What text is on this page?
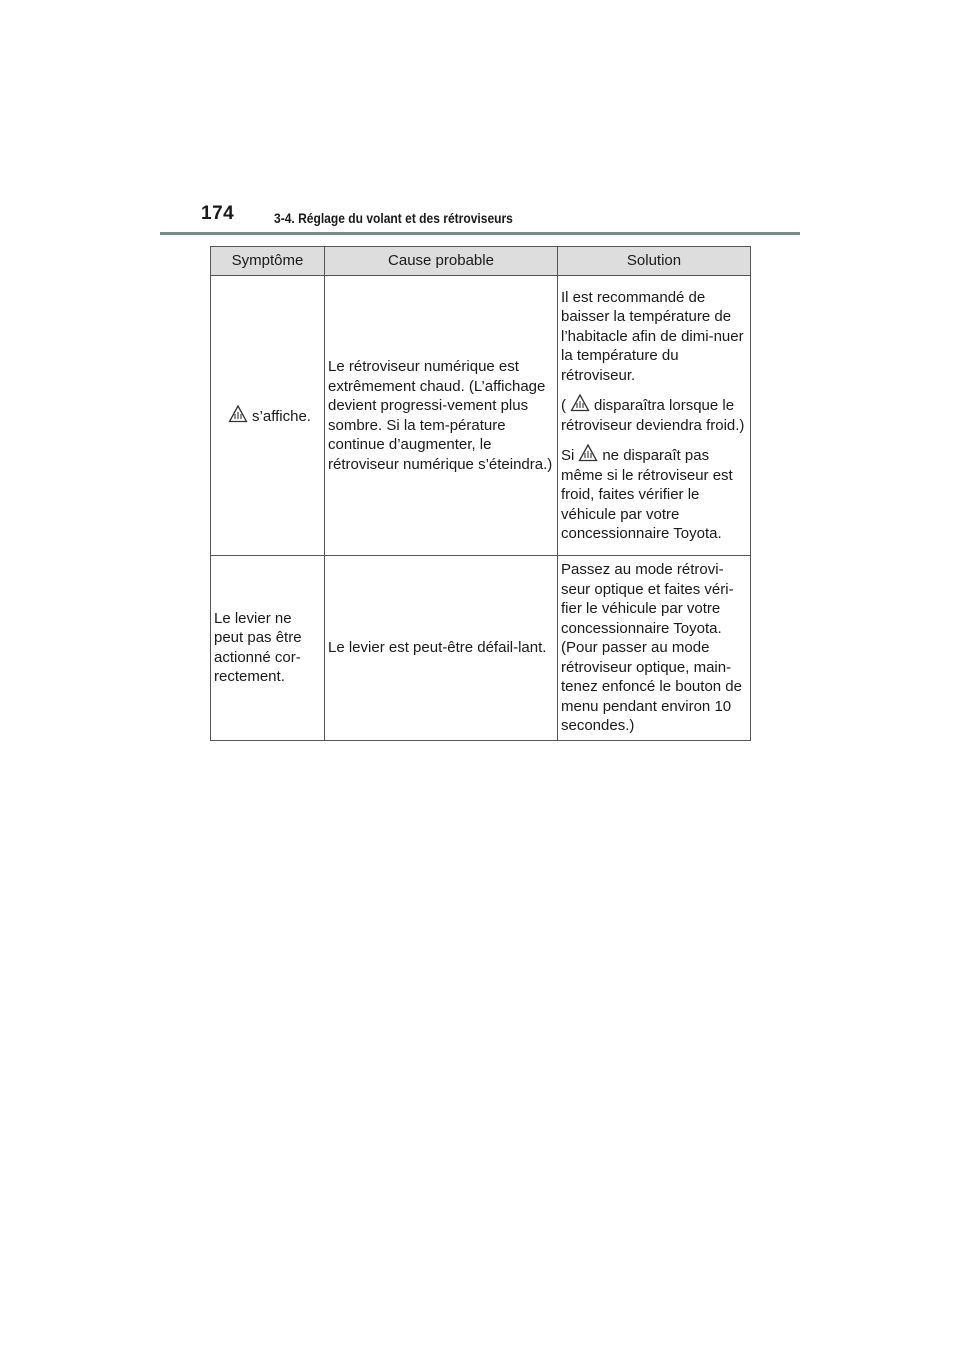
174	3-4. Réglage du volant et des rétroviseurs
Symptôme	Cause probable	Solution
s’affiche.	Le rétroviseur numérique est extrêmement chaud. (L’affichage devient progressi-vement plus sombre. Si la tem-pérature continue d’augmenter, le rétroviseur numérique s’éteindra.)	Il est recommandé de baisser la température de l’habitacle afin de dimi-nuer la température du rétroviseur.

( disparaîtra lorsque le rétroviseur deviendra froid.)

Si ne disparaît pas même si le rétroviseur est froid, faites vérifier le véhicule par votre concessionnaire Toyota.

Le levier ne peut pas être actionné cor-rectement.	Le levier est peut-être défail-lant.	Passez au mode rétrovi-seur optique et faites véri-fier le véhicule par votre concessionnaire Toyota. (Pour passer au mode rétroviseur optique, main-tenez enfoncé le bouton de menu pendant environ 10 secondes.)
